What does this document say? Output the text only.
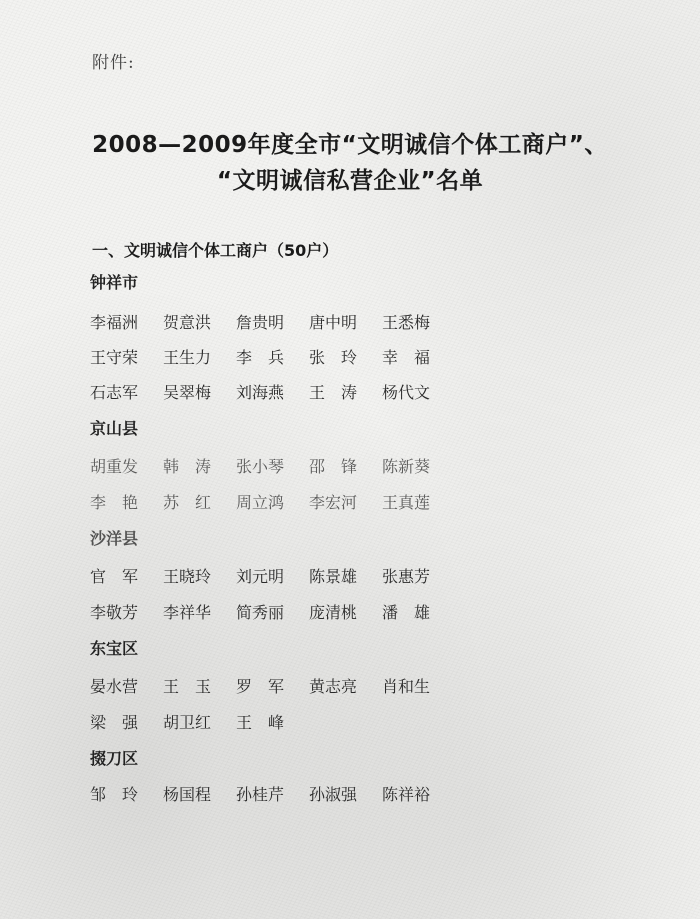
附件:
2008—2009年度全市“文明诚信个体工商户”、
“文明诚信私营企业”名单
一、文明诚信个体工商户（50户）
钟祥市
李福洲 贺意洪 詹贵明 唐中明 王悉梅
王守荣 王生力 李　兵 张　玲 幸　福
石志军 吴翠梅 刘海燕 王　涛 杨代文
京山县
胡重发 韩　涛 张小琴 邵　锋 陈新葵
李　艳 苏　红 周立鸿 李宏河 王真莲
沙洋县
官　军 王晓玲 刘元明 陈景雄 张惠芳
李敬芳 李祥华 简秀丽 庞清桃 潘　雄
东宝区
晏水营 王　玉 罗　军 黄志亮 肖和生
梁　强 胡卫红 王　峰
掇刀区
邹　玲 杨国程 孙桂芹 孙淑强 陈祥裕
